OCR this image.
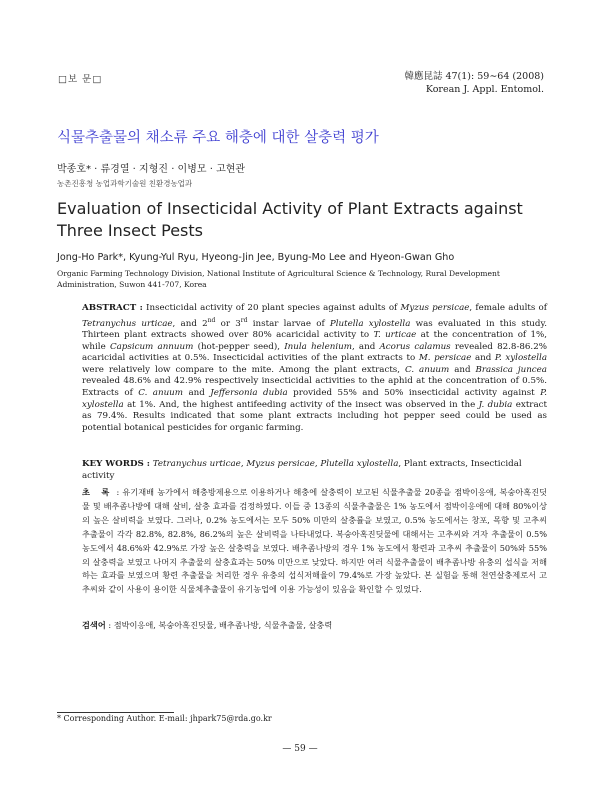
□보 문□	韓應昆誌 47(1): 59∼64 (2008)
Korean J. Appl. Entomol.
식물추출물의 채소류 주요 해충에 대한 살충력 평가
박종호* · 류경열 · 지형진 · 이병모 · 고현관
농촌진흥청 농업과학기술원 친환경농업과
Evaluation of Insecticidal Activity of Plant Extracts against Three Insect Pests
Jong-Ho Park*, Kyung-Yul Ryu, Hyeong-Jin Jee, Byung-Mo Lee and Hyeon-Gwan Gho
Organic Farming Technology Division, National Institute of Agricultural Science & Technology, Rural Development Administration, Suwon 441-707, Korea
ABSTRACT : Insecticidal activity of 20 plant species against adults of Myzus persicae, female adults of Tetranychus urticae, and 2nd or 3rd instar larvae of Plutella xylostella was evaluated in this study. Thirteen plant extracts showed over 80% acaricidal activity to T. urticae at the concentration of 1%, while Capsicum annuum (hot-pepper seed), Inula helenium, and Acorus calamus revealed 82.8-86.2% acaricidal activities at 0.5%. Insecticidal activities of the plant extracts to M. persicae and P. xylostella were relatively low compare to the mite. Among the plant extracts, C. anuum and Brassica juncea revealed 48.6% and 42.9% respectively insecticidal activities to the aphid at the concentration of 0.5%. Extracts of C. anuum and Jeffersonia dubia provided 55% and 50% insecticidal activity against P. xylostella at 1%. And, the highest antifeeding activity of the insect was observed in the J. dubia extract as 79.4%. Results indicated that some plant extracts including hot pepper seed could be used as potential botanical pesticides for organic farming.
KEY WORDS : Tetranychus urticae, Myzus persicae, Plutella xylostella, Plant extracts, Insecticidal activity
초 록 : 유기재배 농가에서 해충방제용으로 이용하거나 해충에 살충력이 보고된 식물추출물 20종을 점박이응애, 복숭아혹진딧물 및 배추좀나방에 대해 살비, 살충 효과를 검정하였다. 이들 중 13종의 식물추출물은 1% 농도에서 점박이응애에 대해 80%이상의 높은 살비력을 보였다. 그러나, 0.2% 농도에서는 모두 50% 미만의 살충률을 보였고, 0.5% 농도에서는 창포, 목향 및 고추씨 추출물이 각각 82.8%, 82.8%, 86.2%의 높은 살비력을 나타내었다. 복숭아혹진딧물에 대해서는 고추씨와 겨자 추출물이 0.5% 농도에서 48.6%와 42.9%로 가장 높은 살충력을 보였다. 배추좀나방의 경우 1% 농도에서 황련과 고추씨 추출물이 50%와 55%의 살충력을 보였고 나머지 추출물의 살충효과는 50% 미만으로 낮았다. 하지만 여러 식물추출물이 배추좀나방 유충의 섭식을 저해하는 효과를 보였으며 황련 추출물을 처리한 경우 유충의 섭식저해율이 79.4%로 가장 높았다. 본 실험을 통해 천연살충제로서 고추씨와 같이 사용이 용이한 식물체추출물이 유기농업에 이용 가능성이 있음을 확인할 수 있었다.
검색어 : 점박이응애, 복숭아혹진딧물, 배추좀나방, 식물추출물, 살충력
* Corresponding Author. E-mail: jhpark75@rda.go.kr
— 59 —
